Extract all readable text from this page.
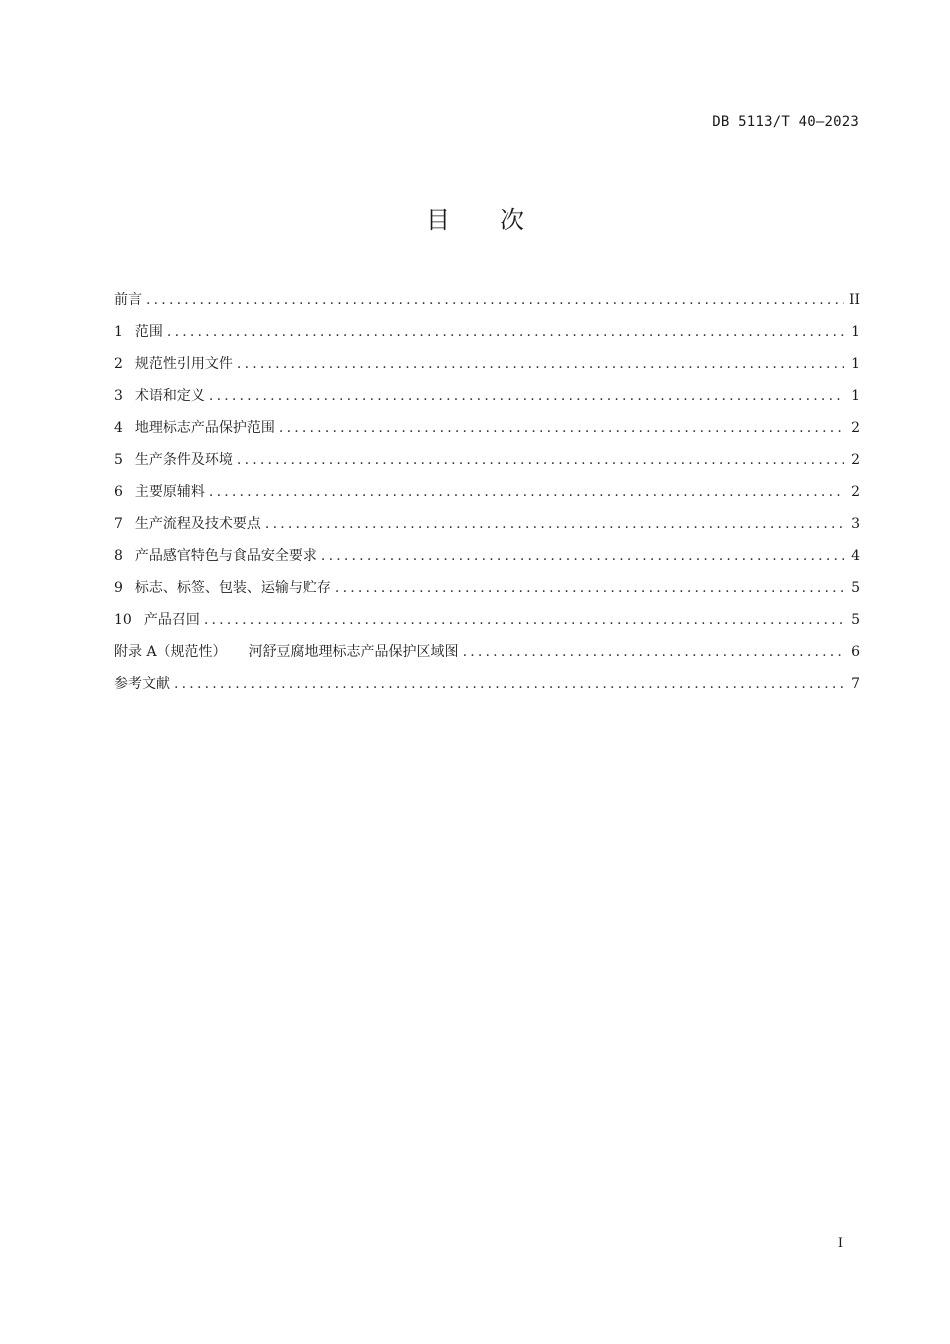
DB 5113/T 40—2023
目次
前言 .....	II
1 范围 .....	1
2 规范性引用文件 .....	1
3 术语和定义 .....	1
4 地理标志产品保护范围 .....	2
5 生产条件及环境 .....	2
6 主要原辅料 .....	2
7 生产流程及技术要点 .....	3
8 产品感官特色与食品安全要求 .....	4
9 标志、标签、包装、运输与贮存 .....	5
10 产品召回 .....	5
附录 A（规范性） 河舒豆腐地理标志产品保护区域图 .....	6
参考文献 .....	7
I
